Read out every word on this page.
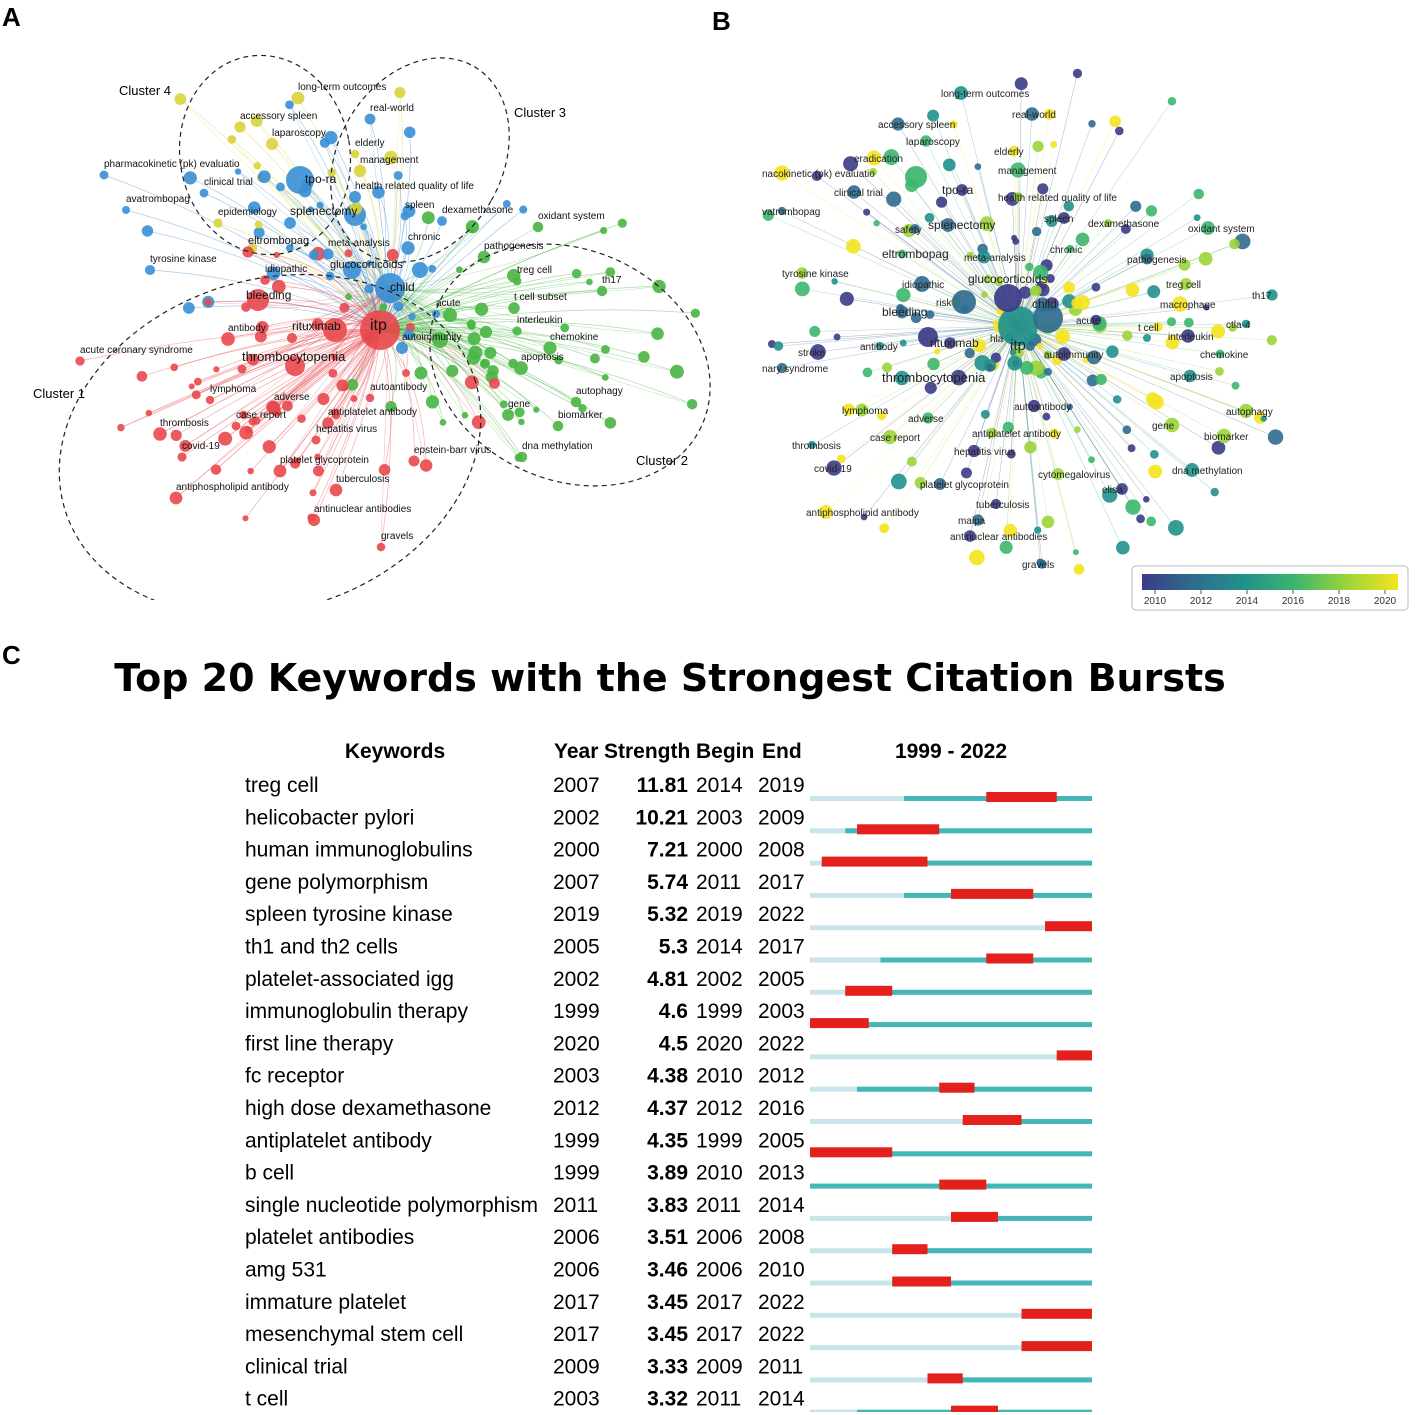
A	B
C
Cluster 1
Cluster 2
Cluster 3
Cluster 4	long-term outcomes
real-world
accessory spleen
laparoscopy
elderly
management
pharmacokinetic (pk) evaluatio
clinical trial	tpo-ra
health related quality of life
avatrombopag
epidemiology splenectomy	spleen dexamethasone
oxidant system
chronic
eltrombopag meta-analysis	pathogenesis
tyrosine kinase
idiopathic glucocorticoids	treg cell
child	th17
bleeding	t cell subset
acute
interleukin
antibody rituximab itp
autoimmunity	chemokine
acute coronary syndrome	thrombocytopenia	apoptosis
lymphoma
adverse
autoantibody	autophagy
case report	antiplatelet antibody
gene
biomarker
thrombosis
hepatitis virus
covid-19	epstein-barr virus	dna methylation
platelet glycoprotein
tuberculosis
antiphospholipid antibody
antinuclear antibodies
gravels
long-term outcomes
real-world
accessory spleen
laparoscopy
eradication
elderly
management
nacokinetic (pk) evaluatio
clinical trial	tpo-ra
health related quality of life
vatrombopag
spleen dexamethasone	oxidant system
safety splenectomy
chronic
eltrombopag meta-analysis	pathogenesis
tyrosine kinase	glucocorticoids
idiopathic	treg cell
th17
risk	child	macrophage
bleeding
acute	ctla-4
t cell
interleukin
antibody	rituximab hla itp
autoimmunity	chemokine
stroke
nary syndrome
thrombocytopenia	apoptosis
autoantibody
lymphoma
adverse
autophagy
gene
case report	antiplatelet antibody	biomarker
thrombosis
hepatitis virus
covid-19
cytomegalovirus	dna methylation
elisa
platelet glycoprotein
tuberculosis
antiphospholipid antibody
maipa
antinuclear antibodies
gravels
2010 2012 2014 2016 2018 2020
Top 20 Keywords with the Strongest Citation Bursts
Keywords	Year Strength Begin End	1999 - 2022
treg cell	2007 11.81 2014 2019
helicobacter pylori	2002 10.21 2003 2009
human immunoglobulins	2000 7.21 2000 2008
gene polymorphism	2007 5.74 2011 2017
spleen tyrosine kinase	2019 5.32 2019 2022
th1 and th2 cells	2005	5.3 2014 2017
platelet-associated igg	2002 4.81 2002 2005
immunoglobulin therapy	1999	4.6 1999 2003
first line therapy	2020	4.5 2020 2022
fc receptor	2003 4.38 2010 2012
high dose dexamethasone	2012 4.37 2012 2016
antiplatelet antibody	1999 4.35 1999 2005
b cell	1999 3.89 2010 2013
single nucleotide polymorphism 2011 3.83 2011 2014
platelet antibodies	2006 3.51 2006 2008
amg 531	2006 3.46 2006 2010
immature platelet	2017 3.45 2017 2022
mesenchymal stem cell	2017 3.45 2017 2022
clinical trial	2009 3.33 2009 2011
t cell	2003 3.32 2011 2014
